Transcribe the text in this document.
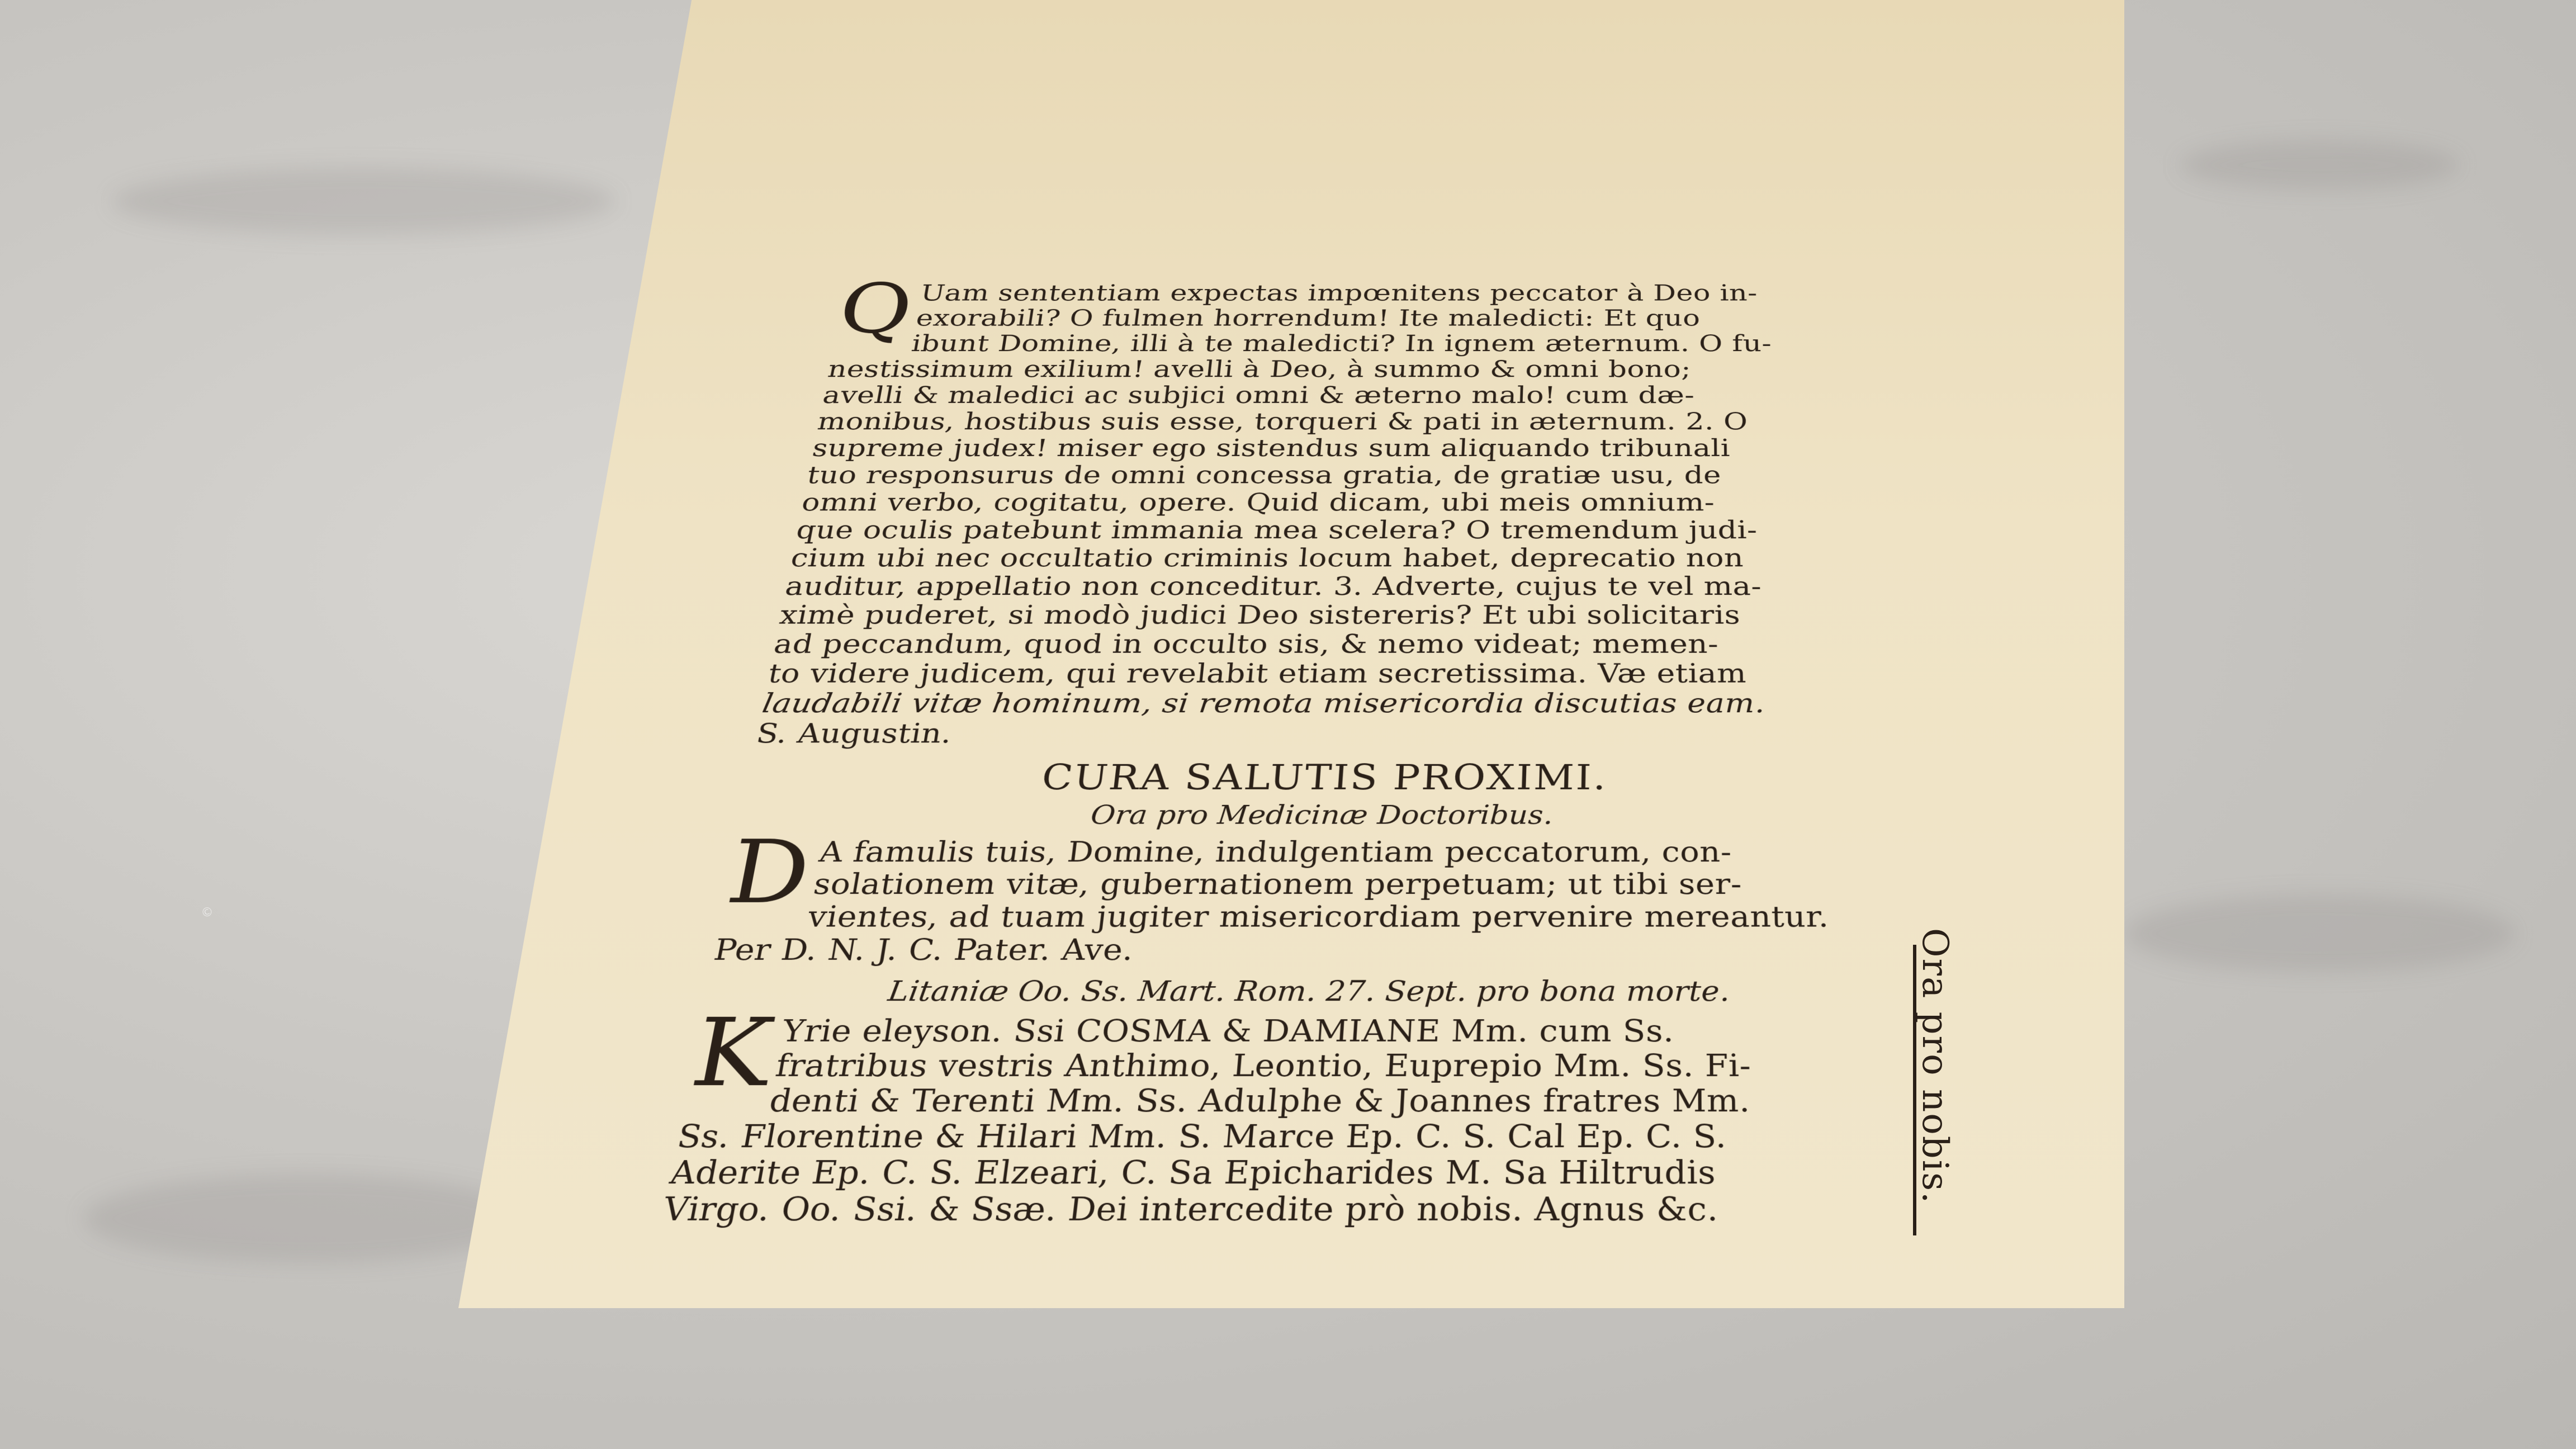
Q Uam sententiam expectas impœnitens peccator à Deo in-
exorabili? O fulmen horrendum! Ite maledicti: Et quo
ibunt Domine, illi à te maledicti? In ignem æternum. O fu-
nestissimum exilium! avelli à Deo, à summo & omni bono;
avelli & maledici ac subjici omni & æterno malo! cum dæ-
monibus, hostibus suis esse, torqueri & pati in æternum. 2. O
supreme judex! miser ego sistendus sum aliquando tribunali
tuo responsurus de omni concessa gratia, de gratiæ usu, de
omni verbo, cogitatu, opere. Quid dicam, ubi meis omnium-
que oculis patebunt immania mea scelera? O tremendum judi-
cium ubi nec occultatio criminis locum habet, deprecatio non
auditur, appellatio non conceditur. 3. Adverte, cujus te vel ma-
ximè puderet, si modò judici Deo sistereris? Et ubi solicitaris
ad peccandum, quod in occulto sis, & nemo videat; memen-
to videre judicem, qui revelabit etiam secretissima. Væ etiam
laudabili vitæ hominum, si remota misericordia discutias eam.
S. Augustin.
CURA SALUTIS PROXIMI.
Ora pro Medicinæ Doctoribus.
D
A famulis tuis, Domine, indulgentiam peccatorum, con-
solationem vitæ, gubernationem perpetuam; ut tibi ser-
vientes, ad tuam jugiter misericordiam pervenire mereantur.
Per D. N. J. C. Pater. Ave.
Litaniæ Oo. Ss. Mart. Rom. 27. Sept. pro bona morte.
K
Yrie eleyson. Ssi COSMA & DAMIANE Mm. cum Ss.
fratribus vestris Anthimo, Leontio, Euprepio Mm. Ss. Fi-
denti & Terenti Mm. Ss. Adulphe & Joannes fratres Mm.
Ss. Florentine & Hilari Mm. S. Marce Ep. C. S. Cal Ep. C. S.
Aderite Ep. C. S. Elzeari, C. Sa Epicharides M. Sa Hiltrudis
Virgo. Oo. Ssi. & Ssæ. Dei intercedite prò nobis. Agnus &c.
Ora pro nobis.
©
